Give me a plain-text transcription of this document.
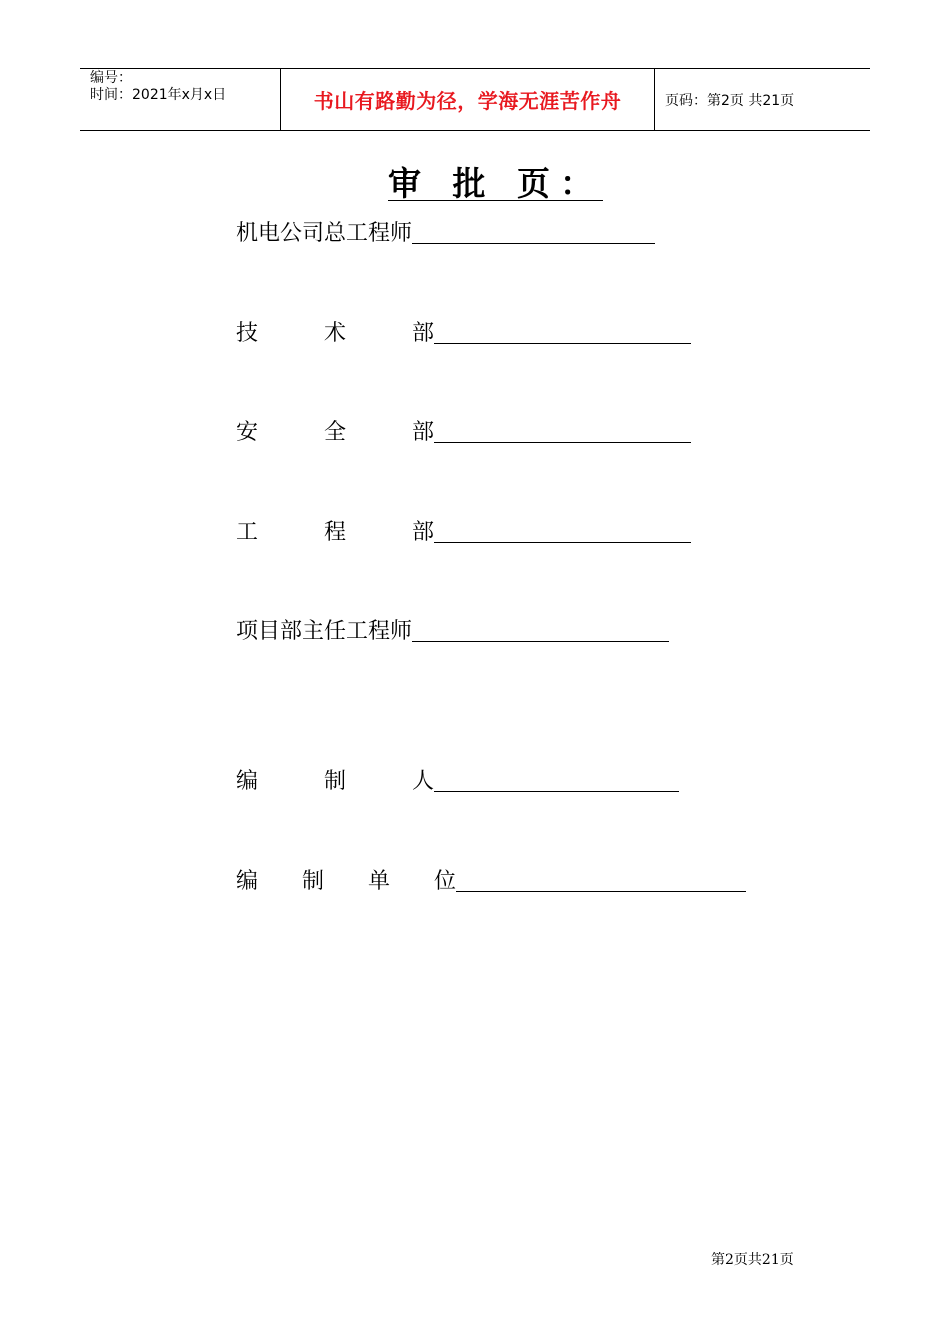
编号：
时间：2021年x月x日	书山有路勤为径，学海无涯苦作舟	页码：第2页 共21页
审 批 页：
机电公司总工程师
技　　　术　　　部
安　　　全　　　部
工　　　程　　　部
项目部主任工程师
编　　　制　　　人
编　　制　　单　　位
第2页共21页
